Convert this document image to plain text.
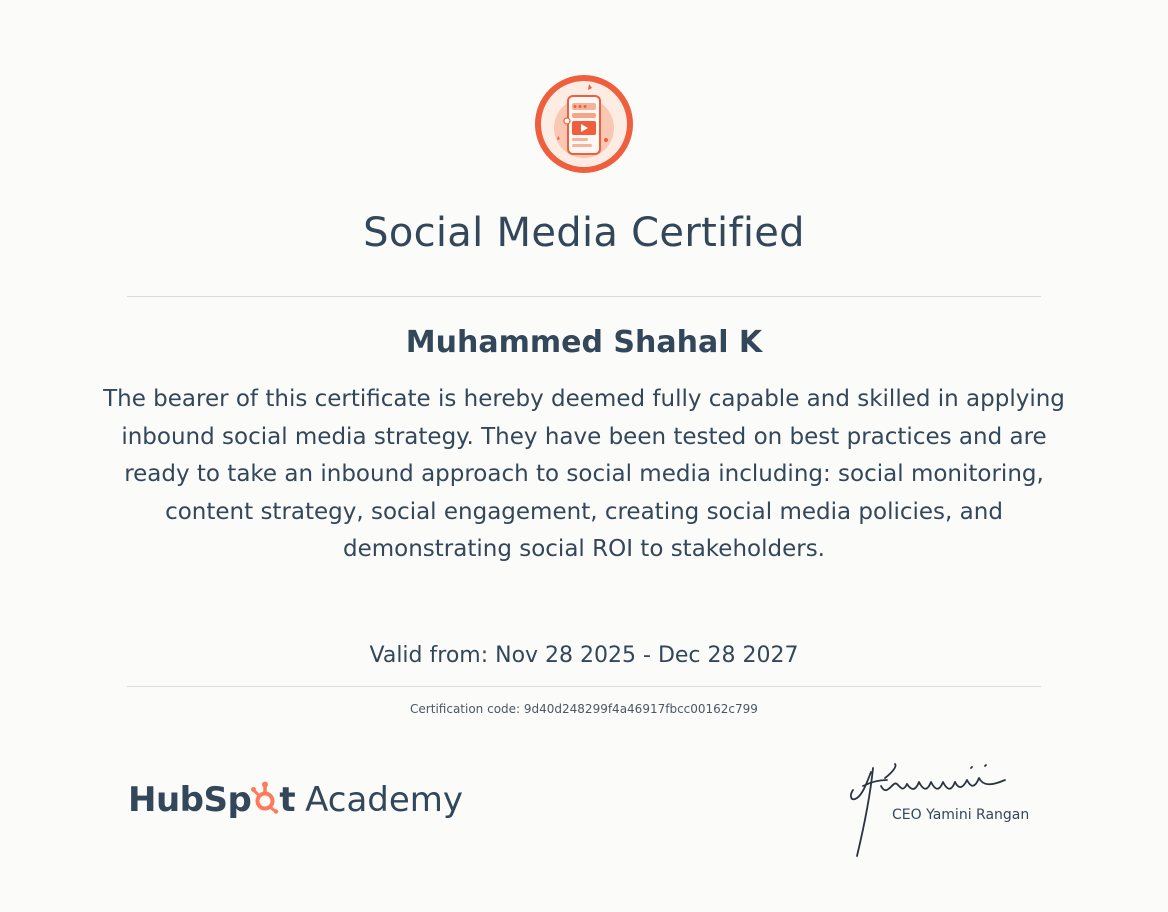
Social Media Certified
Muhammed Shahal K
The bearer of this certificate is hereby deemed fully capable and skilled in applying inbound social media strategy. They have been tested on best practices and are ready to take an inbound approach to social media including: social monitoring, content strategy, social engagement, creating social media policies, and demonstrating social ROI to stakeholders.
Valid from: Nov 28 2025 - Dec 28 2027
Certification code: 9d40d248299f4a46917fbcc00162c799
HubSp t Academy	CEO Yamini Rangan
